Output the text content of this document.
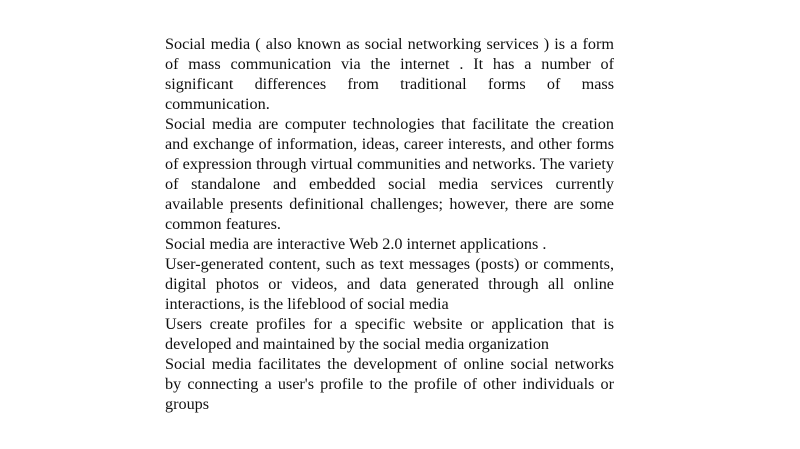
Social media ( also known as social networking services ) is a form of mass communication via the internet . It has a number of significant differences from traditional forms of mass communication.

Social media are computer technologies that facilitate the creation and exchange of information, ideas, career interests, and other forms of expression through virtual communities and networks. The variety of standalone and embedded social media services currently available presents definitional challenges; however, there are some common features.

Social media are interactive Web 2.0 internet applications .

User-generated content, such as text messages (posts) or comments, digital photos or videos, and data generated through all online interactions, is the lifeblood of social media

Users create profiles for a specific website or application that is developed and maintained by the social media organization

Social media facilitates the development of online social networks by connecting a user's profile to the profile of other individuals or groups
